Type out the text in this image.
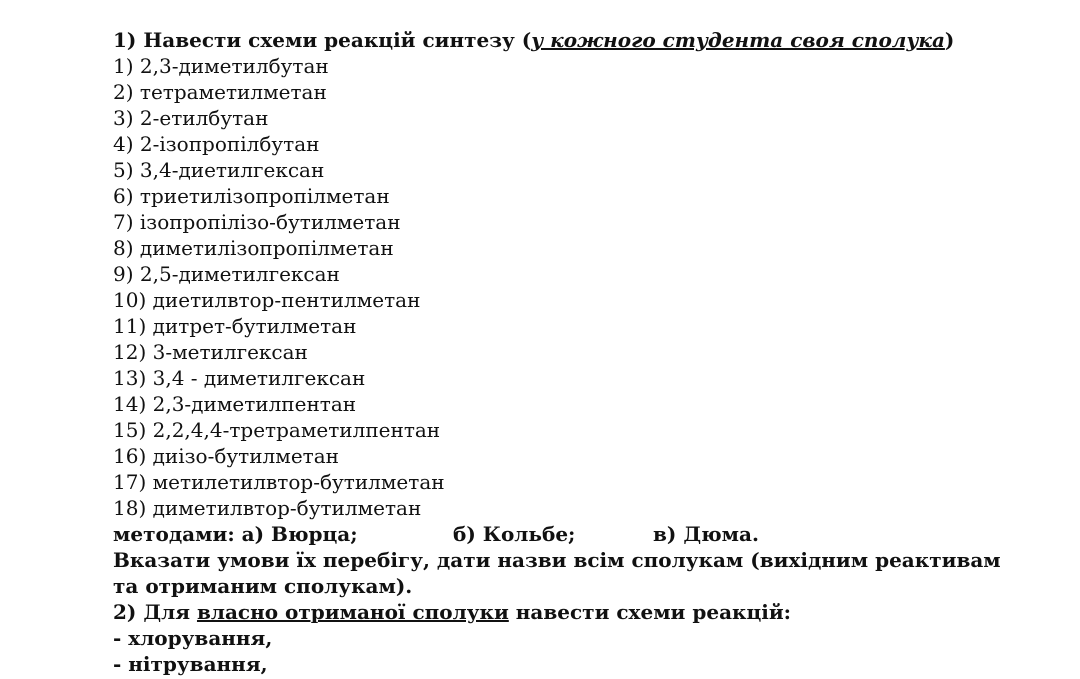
1) Навести схеми реакцій синтезу (у кожного студента своя сполука)
1) 2,3-диметилбутан
2) тетраметилметан
3) 2-етилбутан
4) 2-ізопропілбутан
5) 3,4-диетилгексан
6) триетилізопропілметан
7) ізопропілізо-бутилметан
8) диметилізопропілметан
9) 2,5-диметилгексан
10) диетилвтор-пентилметан
11) дитрет-бутилметан
12) 3-метилгексан
13) 3,4 - диметилгексан
14) 2,3-диметилпентан
15) 2,2,4,4-третраметилпентан
16) диізо-бутилметан
17) метилетилвтор-бутилметан
18) диметилвтор-бутилметан
методами: а) Вюрца;	б) Кольбе;	в) Дюма.
Вказати умови їх перебігу, дати назви всім сполукам (вихідним реактивам та отриманим сполукам).
2) Для власно отриманої сполуки навести схеми реакцій:
- хлорування,
- нітрування,
